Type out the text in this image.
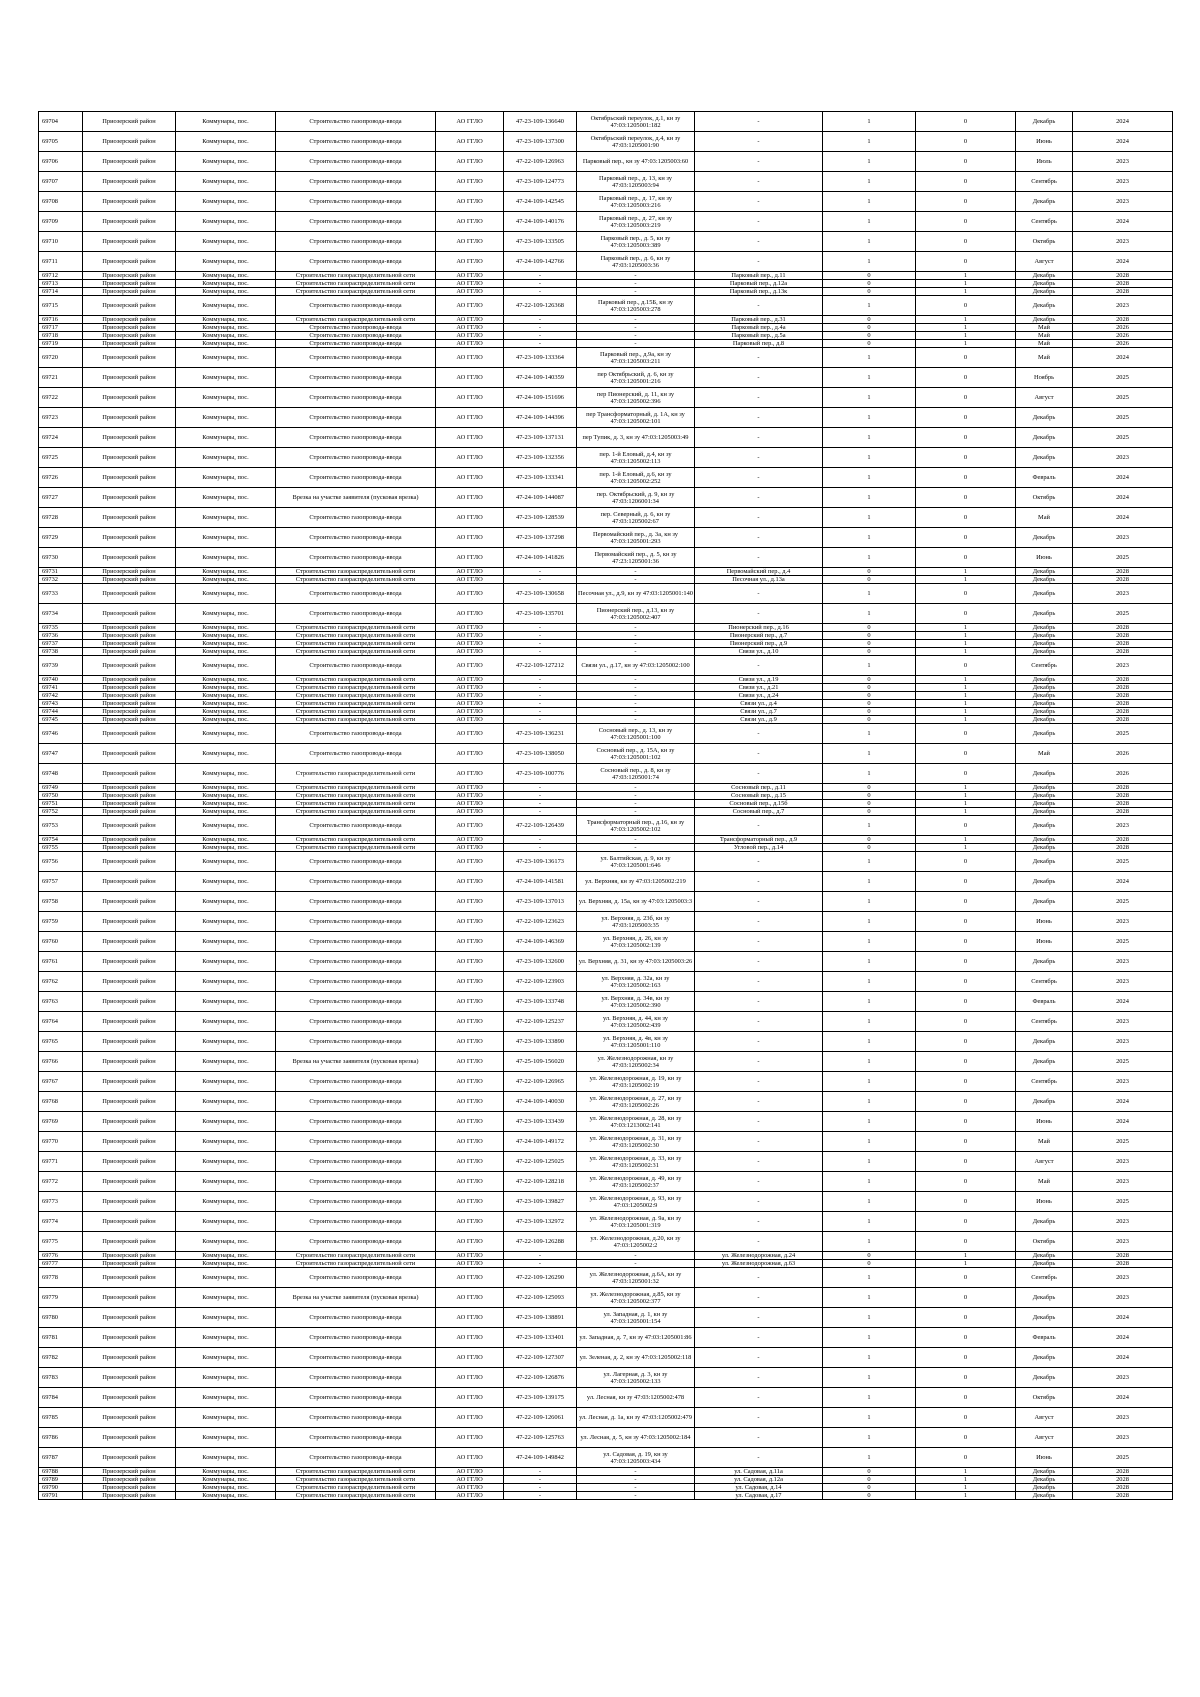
69704	Приозерский район	Коммунары, пос.	Строительство газопровода-ввода	АО ГГЛО	47-23-109-136640	Октябрьский переулок, д.1, кн зу 47:03:1205001:182	-	1	0	Декабрь	2024
69705	Приозерский район	Коммунары, пос.	Строительство газопровода-ввода	АО ГГЛО	47-23-109-137300	Октябрьский переулок, д.4, кн зу 47:03:1205001:90	-	1	0	Июнь	2024
69706	Приозерский район	Коммунары, пос.	Строительство газопровода-ввода	АО ГГЛО	47-22-109-126963	Парковый пер., кн зу 47:03:1205003:60	-	1	0	Июль	2023
69707	Приозерский район	Коммунары, пос.	Строительство газопровода-ввода	АО ГГЛО	47-23-109-124773	Парковый пер., д. 13, кн зу 47:03:1205003:94	-	1	0	Сентябрь	2023
69708	Приозерский район	Коммунары, пос.	Строительство газопровода-ввода	АО ГГЛО	47-24-109-142545	Парковый пер., д. 17, кн зу 47:03:1205003:216	-	1	0	Декабрь	2023
69709	Приозерский район	Коммунары, пос.	Строительство газопровода-ввода	АО ГГЛО	47-24-109-140176	Парковый пер., д. 27, кн зу 47:03:1205003:219	-	1	0	Сентябрь	2024
69710	Приозерский район	Коммунары, пос.	Строительство газопровода-ввода	АО ГГЛО	47-23-109-133505	Парковый пер., д. 5, кн зу 47:03:1205003:389	-	1	0	Октябрь	2023
69711	Приозерский район	Коммунары, пос.	Строительство газопровода-ввода	АО ГГЛО	47-24-109-142766	Парковый пер., д. 6, кн зу 47:03:1205003:36	-	1	0	Август	2024
69712	Приозерский район	Коммунары, пос.	Строительство газораспределительной сети	АО ГГЛО	-	-	Парковый пер., д.11	0	1	Декабрь	2028
69713	Приозерский район	Коммунары, пос.	Строительство газораспределительной сети	АО ГГЛО	-	-	Парковый пер., д.12а	0	1	Декабрь	2028
69714	Приозерский район	Коммунары, пос.	Строительство газораспределительной сети	АО ГГЛО	-	-	Парковый пер., д.13к	0	1	Декабрь	2028
69715	Приозерский район	Коммунары, пос.	Строительство газопровода-ввода	АО ГГЛО	47-22-109-126368	Парковый пер., д.15Б, кн зу 47:03:1205003:278	-	1	0	Декабрь	2023
69716	Приозерский район	Коммунары, пос.	Строительство газораспределительной сети	АО ГГЛО	-	-	Парковый пер., д.31	0	1	Декабрь	2028
69717	Приозерский район	Коммунары, пос.	Строительство газопровода-ввода	АО ГГЛО	-	-	Парковый пер., д.4а	0	1	Май	2026
69718	Приозерский район	Коммунары, пос.	Строительство газопровода-ввода	АО ГГЛО	-	-	Парковый пер., д.5а	0	1	Май	2026
69719	Приозерский район	Коммунары, пос.	Строительство газопровода-ввода	АО ГГЛО	-	-	Парковый пер., д.8	0	1	Май	2026
69720	Приозерский район	Коммунары, пос.	Строительство газопровода-ввода	АО ГГЛО	47-23-109-133364	Парковый пер., д.9а, кн зу 47:03:1205003:211	-	1	0	Май	2024
69721	Приозерский район	Коммунары, пос.	Строительство газопровода-ввода	АО ГГЛО	47-24-109-140359	пер Октябрьский, д. 6, кн зу 47:03:1205001:216	-	1	0	Ноябрь	2025
69722	Приозерский район	Коммунары, пос.	Строительство газопровода-ввода	АО ГГЛО	47-24-109-151696	пер Пионерский, д. 11, кн зу 47:03:1205002:396	-	1	0	Август	2025
69723	Приозерский район	Коммунары, пос.	Строительство газопровода-ввода	АО ГГЛО	47-24-109-144396	пер Трансформаторный, д. 1А, кн зу 47:03:1205002:101	-	1	0	Декабрь	2025
69724	Приозерский район	Коммунары, пос.	Строительство газопровода-ввода	АО ГГЛО	47-23-109-137131	пер Тупик, д. 3, кн зу 47:03:1205003:49	-	1	0	Декабрь	2025
69725	Приозерский район	Коммунары, пос.	Строительство газопровода-ввода	АО ГГЛО	47-23-109-132356	пер. 1-й Еловый, д.4, кн зу 47:03:1205002:113	-	1	0	Декабрь	2023
69726	Приозерский район	Коммунары, пос.	Строительство газопровода-ввода	АО ГГЛО	47-23-109-133341	пер. 1-й Еловый, д.6, кн зу 47:03:1205002:252	-	1	0	Февраль	2024
69727	Приозерский район	Коммунары, пос.	Врезка на участке заявителя (пусковая врезка)	АО ГГЛО	47-24-109-144087	пер. Октябрьский, д. 9, кн зу 47:03:1206001:34	-	1	0	Октябрь	2024
69728	Приозерский район	Коммунары, пос.	Строительство газопровода-ввода	АО ГГЛО	47-23-109-128539	пер. Северный, д. 6, кн зу 47:03:1205002:67	-	1	0	Май	2024
69729	Приозерский район	Коммунары, пос.	Строительство газопровода-ввода	АО ГГЛО	47-23-109-137298	Первомайский пер., д. 3а, кн зу 47:03:1205001:293	-	1	0	Декабрь	2023
69730	Приозерский район	Коммунары, пос.	Строительство газопровода-ввода	АО ГГЛО	47-24-109-141826	Первомайский пер., д. 5, кн зу 47:23:1205001:36	-	1	0	Июнь	2025
69731	Приозерский район	Коммунары, пос.	Строительство газораспределительной сети	АО ГГЛО	-	-	Первомайский пер., д.4	0	1	Декабрь	2028
69732	Приозерский район	Коммунары, пос.	Строительство газораспределительной сети	АО ГГЛО	-	-	Песочная ул., д.13а	0	1	Декабрь	2028
69733	Приозерский район	Коммунары, пос.	Строительство газопровода-ввода	АО ГГЛО	47-23-109-130658	Песочная ул., д.9, кн зу 47:03:1205001:140	-	1	0	Декабрь	2023
69734	Приозерский район	Коммунары, пос.	Строительство газопровода-ввода	АО ГГЛО	47-23-109-135701	Пионерский пер., д.13, кн зу 47:03:1205002:407	-	1	0	Декабрь	2025
69735	Приозерский район	Коммунары, пос.	Строительство газораспределительной сети	АО ГГЛО	-	-	Пионерский пер., д.16	0	1	Декабрь	2028
69736	Приозерский район	Коммунары, пос.	Строительство газораспределительной сети	АО ГГЛО	-	-	Пионерский пер., д.7	0	1	Декабрь	2028
69737	Приозерский район	Коммунары, пос.	Строительство газораспределительной сети	АО ГГЛО	-	-	Пионерский пер., д.9	0	1	Декабрь	2028
69738	Приозерский район	Коммунары, пос.	Строительство газораспределительной сети	АО ГГЛО	-	-	Связи ул., д.10	0	1	Декабрь	2028
69739	Приозерский район	Коммунары, пос.	Строительство газопровода-ввода	АО ГГЛО	47-22-109-127212	Связи ул., д.17, кн зу 47:03:1205002:100	-	1	0	Сентябрь	2023
69740	Приозерский район	Коммунары, пос.	Строительство газораспределительной сети	АО ГГЛО	-	-	Связи ул., д.19	0	1	Декабрь	2028
69741	Приозерский район	Коммунары, пос.	Строительство газораспределительной сети	АО ГГЛО	-	-	Связи ул., д.21	0	1	Декабрь	2028
69742	Приозерский район	Коммунары, пос.	Строительство газораспределительной сети	АО ГГЛО	-	-	Связи ул., д.24	0	1	Декабрь	2028
69743	Приозерский район	Коммунары, пос.	Строительство газораспределительной сети	АО ГГЛО	-	-	Связи ул., д.4	0	1	Декабрь	2028
69744	Приозерский район	Коммунары, пос.	Строительство газораспределительной сети	АО ГГЛО	-	-	Связи ул., д.7	0	1	Декабрь	2028
69745	Приозерский район	Коммунары, пос.	Строительство газораспределительной сети	АО ГГЛО	-	-	Связи ул., д.9	0	1	Декабрь	2028
69746	Приозерский район	Коммунары, пос.	Строительство газопровода-ввода	АО ГГЛО	47-23-109-136231	Сосновый пер., д. 13, кн зу 47:03:1205001:100	-	1	0	Декабрь	2025
69747	Приозерский район	Коммунары, пос.	Строительство газопровода-ввода	АО ГГЛО	47-23-109-138050	Сосновый пер., д. 15А, кн зу 47:03:1205001:102	-	1	0	Май	2026
69748	Приозерский район	Коммунары, пос.	Строительство газораспределительной сети	АО ГГЛО	47-23-109-100776	Сосновый пер., д. 8, кн зу 47:03:1205001:74	-	1	0	Декабрь	2026
69749	Приозерский район	Коммунары, пос.	Строительство газораспределительной сети	АО ГГЛО	-	-	Сосновый пер., д.11	0	1	Декабрь	2028
69750	Приозерский район	Коммунары, пос.	Строительство газораспределительной сети	АО ГГЛО	-	-	Сосновый пер., д.15	0	1	Декабрь	2028
69751	Приозерский район	Коммунары, пос.	Строительство газораспределительной сети	АО ГГЛО	-	-	Сосновый пер., д.15б	0	1	Декабрь	2028
69752	Приозерский район	Коммунары, пос.	Строительство газораспределительной сети	АО ГГЛО	-	-	Сосновый пер., д.7	0	1	Декабрь	2028
69753	Приозерский район	Коммунары, пос.	Строительство газопровода-ввода	АО ГГЛО	47-22-109-126439	Трансформаторный пер., д.16, кн зу 47:03:1205002:102	-	1	0	Декабрь	2023
69754	Приозерский район	Коммунары, пос.	Строительство газораспределительной сети	АО ГГЛО	-	-	Трансформаторный пер., д.9	0	1	Декабрь	2028
69755	Приозерский район	Коммунары, пос.	Строительство газораспределительной сети	АО ГГЛО	-	-	Угловой пер., д.14	0	1	Декабрь	2028
69756	Приозерский район	Коммунары, пос.	Строительство газопровода-ввода	АО ГГЛО	47-23-109-136173	ул. Балтийская, д. 9, кн зу 47:03:1205001:646	-	1	0	Декабрь	2025
69757	Приозерский район	Коммунары, пос.	Строительство газопровода-ввода	АО ГГЛО	47-24-109-141581	ул. Верхняя, кн зу 47:03:1205002:219	-	1	0	Декабрь	2024
69758	Приозерский район	Коммунары, пос.	Строительство газопровода-ввода	АО ГГЛО	47-23-109-137013	ул. Верхняя, д. 15а, кн зу 47:03:1205003:3	-	1	0	Декабрь	2025
69759	Приозерский район	Коммунары, пос.	Строительство газопровода-ввода	АО ГГЛО	47-22-109-123623	ул. Верхняя, д. 23б, кн зу 47:03:1205003:35	-	1	0	Июнь	2023
69760	Приозерский район	Коммунары, пос.	Строительство газопровода-ввода	АО ГГЛО	47-24-109-146369	ул. Верхняя, д. 26, кн зу 47:03:1205002:139	-	1	0	Июнь	2025
69761	Приозерский район	Коммунары, пос.	Строительство газопровода-ввода	АО ГГЛО	47-23-109-132600	ул. Верхняя, д. 31, кн зу 47:03:1205003:26	-	1	0	Декабрь	2023
69762	Приозерский район	Коммунары, пос.	Строительство газопровода-ввода	АО ГГЛО	47-22-109-123903	ул. Верхняя, д. 32а, кн зу 47:03:1205002:163	-	1	0	Сентябрь	2023
69763	Приозерский район	Коммунары, пос.	Строительство газопровода-ввода	АО ГГЛО	47-23-109-133748	ул. Верхняя, д. 34в, кн зу 47:03:1205002:390	-	1	0	Февраль	2024
69764	Приозерский район	Коммунары, пос.	Строительство газопровода-ввода	АО ГГЛО	47-22-109-125237	ул. Верхняя, д. 44, кн зу 47:03:1205002:439	-	1	0	Сентябрь	2023
69765	Приозерский район	Коммунары, пос.	Строительство газопровода-ввода	АО ГГЛО	47-23-109-133890	ул. Верхняя, д. 4в, кн зу 47:03:1205001:110	-	1	0	Декабрь	2023
69766	Приозерский район	Коммунары, пос.	Врезка на участке заявителя (пусковая врезка)	АО ГГЛО	47-25-109-156020	ул. Железнодорожная, кн зу 47:03:1205002:34	-	1	0	Декабрь	2025
69767	Приозерский район	Коммунары, пос.	Строительство газопровода-ввода	АО ГГЛО	47-22-109-126965	ул. Железнодорожная, д. 19, кн зу 47:03:1205002:19	-	1	0	Сентябрь	2023
69768	Приозерский район	Коммунары, пос.	Строительство газопровода-ввода	АО ГГЛО	47-24-109-140030	ул. Железнодорожная, д. 27, кн зу 47:03:1205002:26	-	1	0	Декабрь	2024
69769	Приозерский район	Коммунары, пос.	Строительство газопровода-ввода	АО ГГЛО	47-23-109-133439	ул. Железнодорожная, д. 28, кн зу 47:03:1213002:141	-	1	0	Июнь	2024
69770	Приозерский район	Коммунары, пос.	Строительство газопровода-ввода	АО ГГЛО	47-24-109-149172	ул. Железнодорожная, д. 31, кн зу 47:03:1205002:30	-	1	0	Май	2025
69771	Приозерский район	Коммунары, пос.	Строительство газопровода-ввода	АО ГГЛО	47-22-109-125025	ул. Железнодорожная, д. 33, кн зу 47:03:1205002:31	-	1	0	Август	2023
69772	Приозерский район	Коммунары, пос.	Строительство газопровода-ввода	АО ГГЛО	47-22-109-128218	ул. Железнодорожная, д. 49, кн зу 47:03:1205002:37	-	1	0	Май	2023
69773	Приозерский район	Коммунары, пос.	Строительство газопровода-ввода	АО ГГЛО	47-23-109-139827	ул. Железнодорожная, д. 93, кн зу 47:03:1205002:9	-	1	0	Июнь	2025
69774	Приозерский район	Коммунары, пос.	Строительство газопровода-ввода	АО ГГЛО	47-23-109-132972	ул. Железнодорожная, д. 9а, кн зу 47:03:1205001:319	-	1	0	Декабрь	2023
69775	Приозерский район	Коммунары, пос.	Строительство газопровода-ввода	АО ГГЛО	47-22-109-126288	ул. Железнодорожная, д.20, кн зу 47:03:1205002:2	-	1	0	Октябрь	2023
69776	Приозерский район	Коммунары, пос.	Строительство газораспределительной сети	АО ГГЛО	-	-	ул. Железнодорожная, д.24	0	1	Декабрь	2028
69777	Приозерский район	Коммунары, пос.	Строительство газораспределительной сети	АО ГГЛО	-	-	ул. Железнодорожная, д.63	0	1	Декабрь	2028
69778	Приозерский район	Коммунары, пос.	Строительство газопровода-ввода	АО ГГЛО	47-22-109-126290	ул. Железнодорожная, д.6А, кн зу 47:03:1205001:32	-	1	0	Сентябрь	2023
69779	Приозерский район	Коммунары, пос.	Врезка на участке заявителя (пусковая врезка)	АО ГГЛО	47-22-109-125093	ул. Железнодорожная, д.85, кн зу 47:03:1205002:377	-	1	0	Декабрь	2023
69780	Приозерский район	Коммунары, пос.	Строительство газопровода-ввода	АО ГГЛО	47-23-109-138891	ул. Западная, д. 1, кн зу 47:03:1205001:154	-	1	0	Декабрь	2024
69781	Приозерский район	Коммунары, пос.	Строительство газопровода-ввода	АО ГГЛО	47-23-109-133401	ул. Западная, д. 7, кн зу 47:03:1205001:86	-	1	0	Февраль	2024
69782	Приозерский район	Коммунары, пос.	Строительство газопровода-ввода	АО ГГЛО	47-22-109-127307	ул. Зеленая, д. 2, кн зу 47:03:1205002:118	-	1	0	Декабрь	2024
69783	Приозерский район	Коммунары, пос.	Строительство газопровода-ввода	АО ГГЛО	47-22-109-126876	ул. Лагерная, д. 3, кн зу 47:03:1205002:133	-	1	0	Декабрь	2023
69784	Приозерский район	Коммунары, пос.	Строительство газопровода-ввода	АО ГГЛО	47-23-109-139175	ул. Лесная, кн зу 47:03:1205002:478	-	1	0	Октябрь	2024
69785	Приозерский район	Коммунары, пос.	Строительство газопровода-ввода	АО ГГЛО	47-22-109-126061	ул. Лесная, д. 1а, кн зу 47:03:1205002:479	-	1	0	Август	2023
69786	Приозерский район	Коммунары, пос.	Строительство газопровода-ввода	АО ГГЛО	47-22-109-125763	ул. Лесная, д. 5, кн зу 47:03:1205002:184	-	1	0	Август	2023
69787	Приозерский район	Коммунары, пос.	Строительство газопровода-ввода	АО ГГЛО	47-24-109-149842	ул. Садовая, д. 19, кн зу 47:03:1205003:434	-	1	0	Июнь	2025
69788	Приозерский район	Коммунары, пос.	Строительство газораспределительной сети	АО ГГЛО	-	-	ул. Садовая, д.11а	0	1	Декабрь	2028
69789	Приозерский район	Коммунары, пос.	Строительство газораспределительной сети	АО ГГЛО	-	-	ул. Садовая, д.12а	0	1	Декабрь	2028
69790	Приозерский район	Коммунары, пос.	Строительство газораспределительной сети	АО ГГЛО	-	-	ул. Садовая, д.14	0	1	Декабрь	2028
69791	Приозерский район	Коммунары, пос.	Строительство газораспределительной сети	АО ГГЛО	-	-	ул. Садовая, д.17	0	1	Декабрь	2028
